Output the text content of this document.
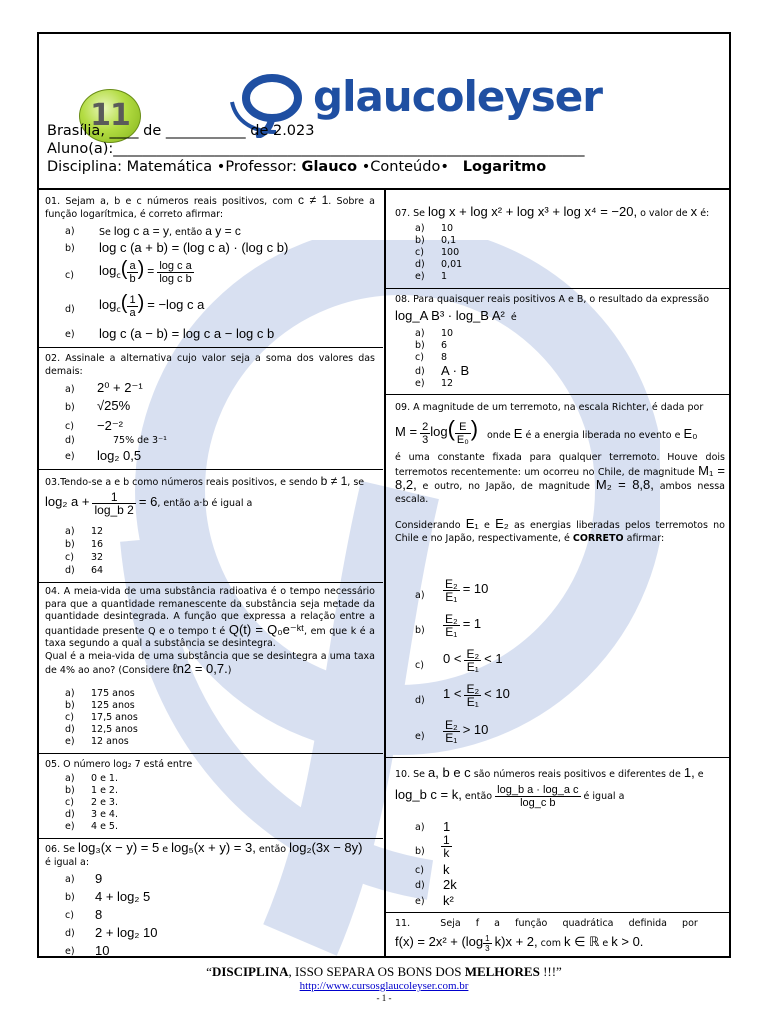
11	glaucoleyser
Brasília, ____ de ___________ de 2.023
Aluno(a):_________________________________________________________________
Disciplina: Matemática •Professor: Glauco •Conteúdo• Logaritmo

01. Sejam a, b e c números reais positivos, com c ≠ 1. Sobre a função logarítmica, é correto afirmar:

a)	Se log c a = y, então a y = c
b) log c (a + b) = (log c a) · (log c b)
c) $\log_c( \frac{a}{b}$ ) = $\frac{\text{log c a}}{\text{log c b}}$
d) $\log_c( \frac{1}{a}$ ) = −log c a
e) log c (a − b) = log c a − log c b
02. Assinale a alternativa cujo valor seja a soma dos valores das demais:
a) 2⁰ + 2⁻¹
b) √25%
c) −2⁻²
d)	75% de 3⁻¹
e) log₂ 0,5
03.Tendo-se a e b como números reais positivos, e sendo b ≠ 1, se
log₂ $a + \frac{1}{\log\_b 2} = 6$, então a·b é igual a
a) 12
b) 16
c) 32
d) 64
04. A meia-vida de uma substância radioativa é o tempo necessário para que a quantidade remanescente da substância seja metade da quantidade desintegrada. A função que expressa a relação entre a quantidade presente Q e o tempo t é Q(t) = Q₀e⁻ᵏᵗ, em que k é a taxa segundo a qual a substância se desintegra.
Qual é a meia-vida de uma substância que se desintegra a uma taxa de 4% ao ano? (Considere ℓn2 = 0,7.)
a) 175 anos
b) 125 anos
c) 17,5 anos
d) 12,5 anos
e) 12 anos
05. O número log₂ 7 está entre
a) 0 e 1.
b) 1 e 2.
c) 2 e 3.
d) 3 e 4.
e) 4 e 5.
06. Se log₃(x − y) = 5 e log₅(x + y) = 3, então log₂(3x − 8y)
é igual a:
a) 9
b) 4 + log₂ 5
c) 8
d) 2 + log₂ 10
e) 10
07. Se log x + log x² + log x³ + log x⁴ = −20, o valor de x é:
a) 10
b) 0,1
c) 100
d) 0,01
e) 1
08. Para quaisquer reais positivos A e B, o resultado da expressão
log_A B³ · log_B A² é
a) 10
b) 6
c) 8
d) A · B
e) 12
09. A magnitude de um terremoto, na escala Richter, é dada por
$M = \frac{2}{3} \log( \frac{E}{\text{E₀}}$ ) onde E é a energia liberada no evento e E₀
é uma constante fixada para qualquer terremoto. Houve dois terremotos recentemente: um ocorreu no Chile, de magnitude M₁ = 8,2, e outro, no Japão, de magnitude M₂ = 8,8, ambos nessa escala.
Considerando E₁ e E₂ as energias liberadas pelos terremotos no Chile e no Japão, respectivamente, é CORRETO afirmar:
$a) \frac{\text{E₂}}{\text{E₁}} = 10$
$b) \frac{\text{E₂}}{\text{E₁}} = 1$
c) $0 < \frac{\text{E₂}}{\text{E₁}} < 1$
d) $1 < \frac{\text{E₂}}{\text{E₁}} < 10$
$e) \frac{\text{E₂}}{\text{E₁}} > 10$
10. Se a, b e c são números reais positivos e diferentes de 1, e
log_b c = k, então $\frac{\text{log\_b a · log\_a c}}{\text{log\_c b}}$ é igual a
a) 1
$b) \frac{1}{k}$
c) k
d) 2k
e) k²
11.          Seja     f     a     função     quadrática     definida     por
$f(x) = 2x^2 + (\log \frac{1}{3} k)x + 2$, com k ∈ ℝ e k > 0.
“DISCIPLINA, ISSO SEPARA OS BONS DOS MELHORES !!!”
http://www.cursosglaucoleyser.com.br
- 1 -
